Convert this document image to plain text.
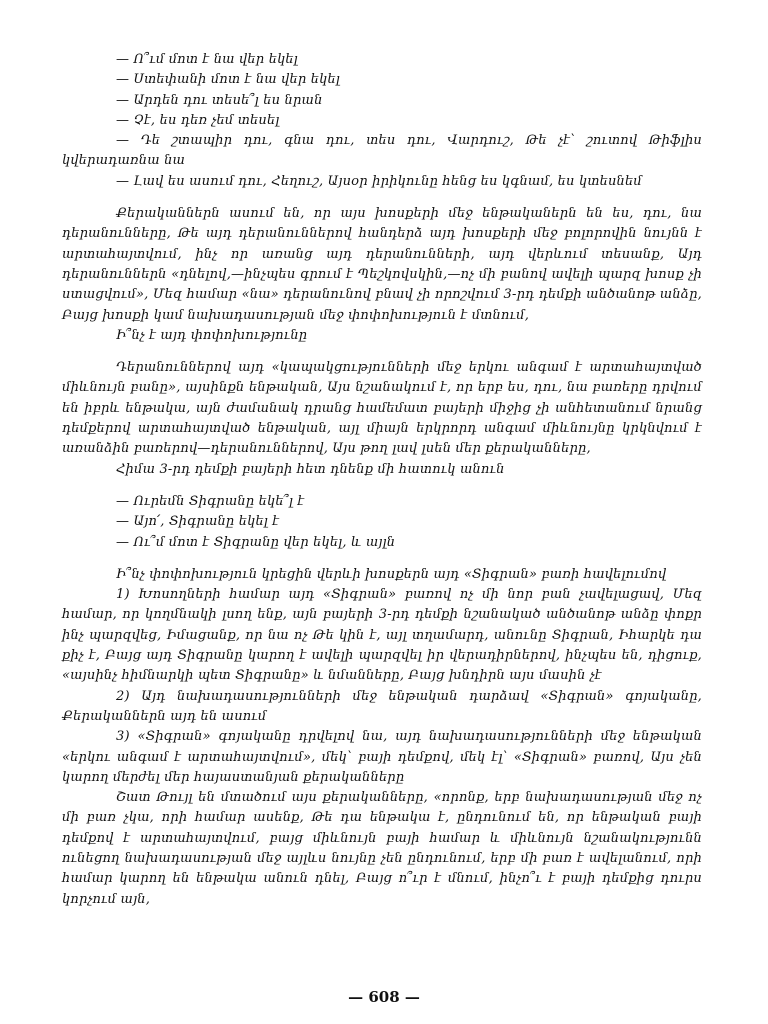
— Ո՞ւմ մոտ է նա վեր եկել

— Ստեփանի մոտ է նա վեր եկել

— Արդեն դու տեսե՞լ ես նրան

— Չէ, ես դեռ չեմ տեսել

— Դե շտապիր դու, գնա դու, տես դու, Վարդուշ, Թե չէ՝ շուտով Թիֆլիս կվերադառնա նա

— Լավ ես ասում դու, Հեղուշ, Այսօր իրիկունը հենց ես կգնամ, ես կտեսնեմ

Քերականներն ասում են, որ այս խոսքերի մեջ ենթականերն են ես, դու, նա դերանունները, Թե այդ դերանուններով հանդերձ այդ խոսքերի մեջ բոլորովին նույնն է արտահայտվում, ինչ որ առանց այդ դերանունների, այդ վերևում տեսանք, Այդ դերանուններն «դնելով,—ինչպես գրում է Պեշկովսկին,—ոչ մի բանով ավելի պարզ խոսք չի ստացվում», Մեզ համար «նա» դերանունով բնավ չի որոշվում 3-րդ դեմքի անծանոթ անձը, Բայց խոսքի կամ նախադասության մեջ փոփոխություն է մտնում,

Ի՞նչ է այդ փոփոխությունը

Դերանուններով այդ «կապակցությունների մեջ երկու անգամ է արտահայտված միևնույն բանը», այսինքն ենթական, Այս նշանակում է, որ երբ ես, դու, նա բառերը դրվում են իբրև ենթակա, այն ժամանակ դրանց համեմատ բայերի միջից չի անհետանում նրանց դեմքերով արտահայտված ենթական, այլ միայն երկրորդ անգամ միևնույնը կրկնվում է առանձին բառերով—դերանուններով, Այս թող լավ լսեն մեր քերականները,

Հիմա 3-րդ դեմքի բայերի հետ դնենք մի հատուկ անուն

— Ուրեմն Տիգրանը եկե՞լ է

— Այո՛, Տիգրանը եկել է

— Ու՞մ մոտ է Տիգրանը վեր եկել, և այլն

Ի՞նչ փոփոխություն կրեցին վերևի խոսքերն այդ «Տիգրան» բառի հավելումով

1) Խոսողների համար այդ «Տիգրան» բառով ոչ մի նոր բան չավելացավ, Մեզ համար, որ կողմնակի լսող ենք, այն բայերի 3-րդ դեմքի նշանակած անծանոթ անձը փոքր ինչ պարզվեց, Իմացանք, որ նա ոչ Թե կին է, այլ տղամարդ, անունը Տիգրան, Իհարկե դա քիչ է, Բայց այդ Տիգրանը կարող է ավելի պարզվել իր վերադիրներով, ինչպես են, դիցուք, «այսինչ հիմնարկի պետ Տիգրանը» և նմանները, Բայց խնդիրն այս մասին չէ

2) Այդ նախադասությունների մեջ ենթական դարձավ «Տիգրան» գոյականը, Քերականներն այդ են ասում

3) «Տիգրան» գոյականը դրվելով նա, այդ նախադասությունների մեջ ենթական «երկու անգամ է արտահայտվում», մեկ՝ բայի դեմքով, մեկ էլ՝ «Տիգրան» բառով, Այս չեն կարող մերժել մեր հայաստանյան քերականները

Շատ Թույլ են մտածում այս քերականները, «որոնք, երբ նախադասության մեջ ոչ մի բառ չկա, որի համար ասենք, Թե դա ենթակա է, ընդունում են, որ ենթական բայի դեմքով է արտահայտվում, բայց միևնույն բայի համար և միևնույն նշանակությունն ունեցող նախադասության մեջ այլևս նույնը չեն ընդունում, երբ մի բառ է ավելանում, որի համար կարող են ենթակա անուն դնել, Բայց ո՞ւր է մնում, ինչո՞ւ է բայի դեմքից դուրս կորչում այն,

— 608 —
